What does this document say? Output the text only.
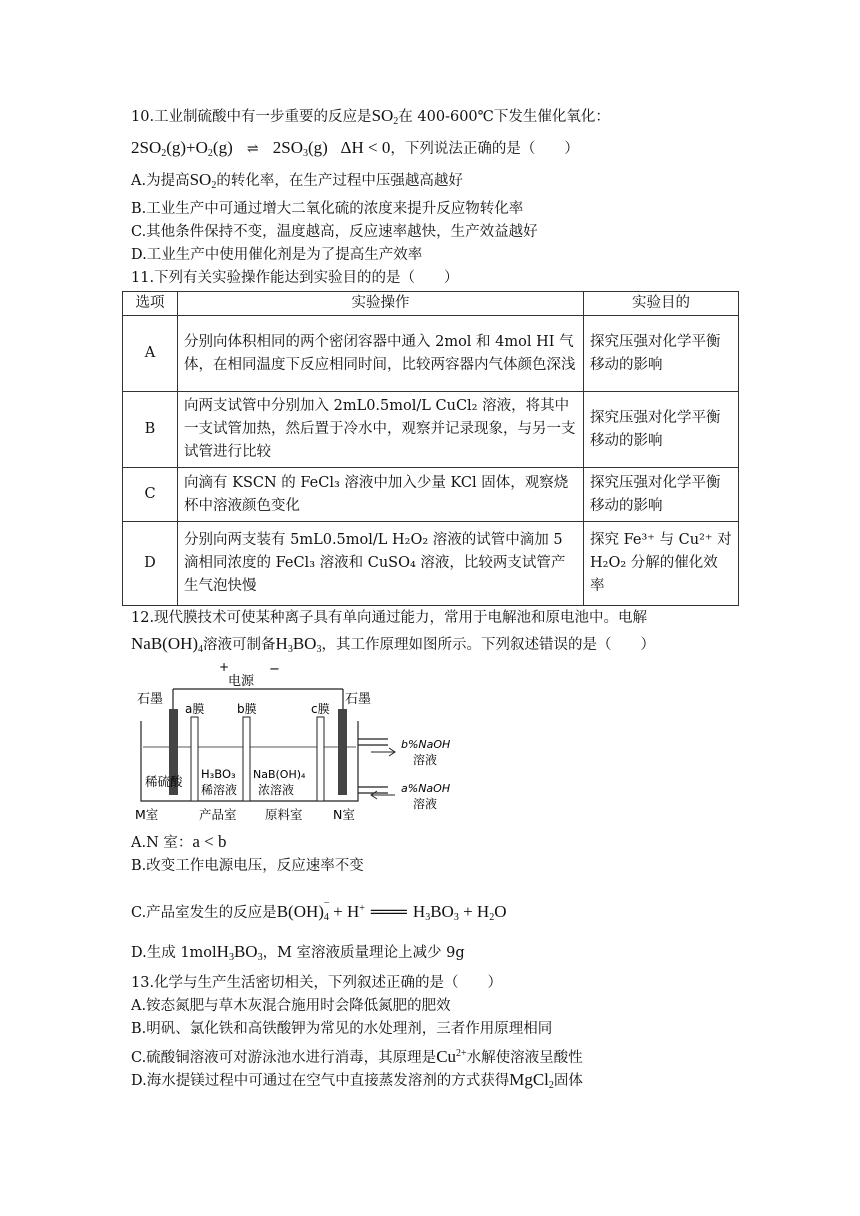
10.工业制硫酸中有一步重要的反应是$SO_2$在 400-600℃下发生催化氧化：
$2SO_2(g)+O_2(g)$ ⇌ $2SO_3(g) \Delta H < 0$，下列说法正确的是（　　）
A.为提高$SO_2$的转化率，在生产过程中压强越高越好
B.工业生产中可通过增大二氧化硫的浓度来提升反应物转化率
C.其他条件保持不变，温度越高，反应速率越快，生产效益越好
D.工业生产中使用催化剂是为了提高生产效率
11.下列有关实验操作能达到实验目的的是（　　）
选项	实验操作	实验目的
A	分别向体积相同的两个密闭容器中通入 2mol 和 4mol HI 气体，在相同温度下反应相同时间，比较两容器内气体颜色深浅	探究压强对化学平衡移动的影响
B	向两支试管中分别加入 2mL0.5mol/L CuCl₂ 溶液，将其中一支试管加热，然后置于冷水中，观察并记录现象，与另一支试管进行比较	探究压强对化学平衡移动的影响
C	向滴有 KSCN 的 FeCl₃ 溶液中加入少量 KCl 固体，观察烧杯中溶液颜色变化	探究压强对化学平衡移动的影响
D	分别向两支装有 5mL0.5mol/L H₂O₂ 溶液的试管中滴加 5 滴相同浓度的 FeCl₃ 溶液和 CuSO₄ 溶液，比较两支试管产生气泡快慢	探究 Fe³⁺ 与 Cu²⁺ 对 H₂O₂ 分解的催化效率
12.现代膜技术可使某种离子具有单向通过能力，常用于电解池和原电池中。电解
$NaB(OH)_4$溶液可制备$H_3BO_3$，其工作原理如图所示。下列叙述错误的是（　　）
+
电源
−
石墨	石墨
a膜	b膜	c膜
稀硫酸 H₃BO₃
稀溶液
NaB(OH)₄
浓溶液
b%NaOH
溶液
a%NaOH
溶液
M室	产品室 原料室 N室
A.N 室：a < b
B.改变工作电源电压，反应速率不变
C.产品室发生的反应是B(OH) −
$_4$ + H+ ═══ $H_3BO_3 + H_2O$
D.生成 $1molH_3BO_3$，M 室溶液质量理论上减少 9g
13.化学与生产生活密切相关，下列叙述正确的是（　　）
A.铵态氮肥与草木灰混合施用时会降低氮肥的肥效
B.明矾、氯化铁和高铁酸钾为常见的水处理剂，三者作用原理相同
C.硫酸铜溶液可对游泳池水进行消毒，其原理是$Cu^{2+}$水解使溶液呈酸性
D.海水提镁过程中可通过在空气中直接蒸发溶剂的方式获得MgCl$_2$固体
